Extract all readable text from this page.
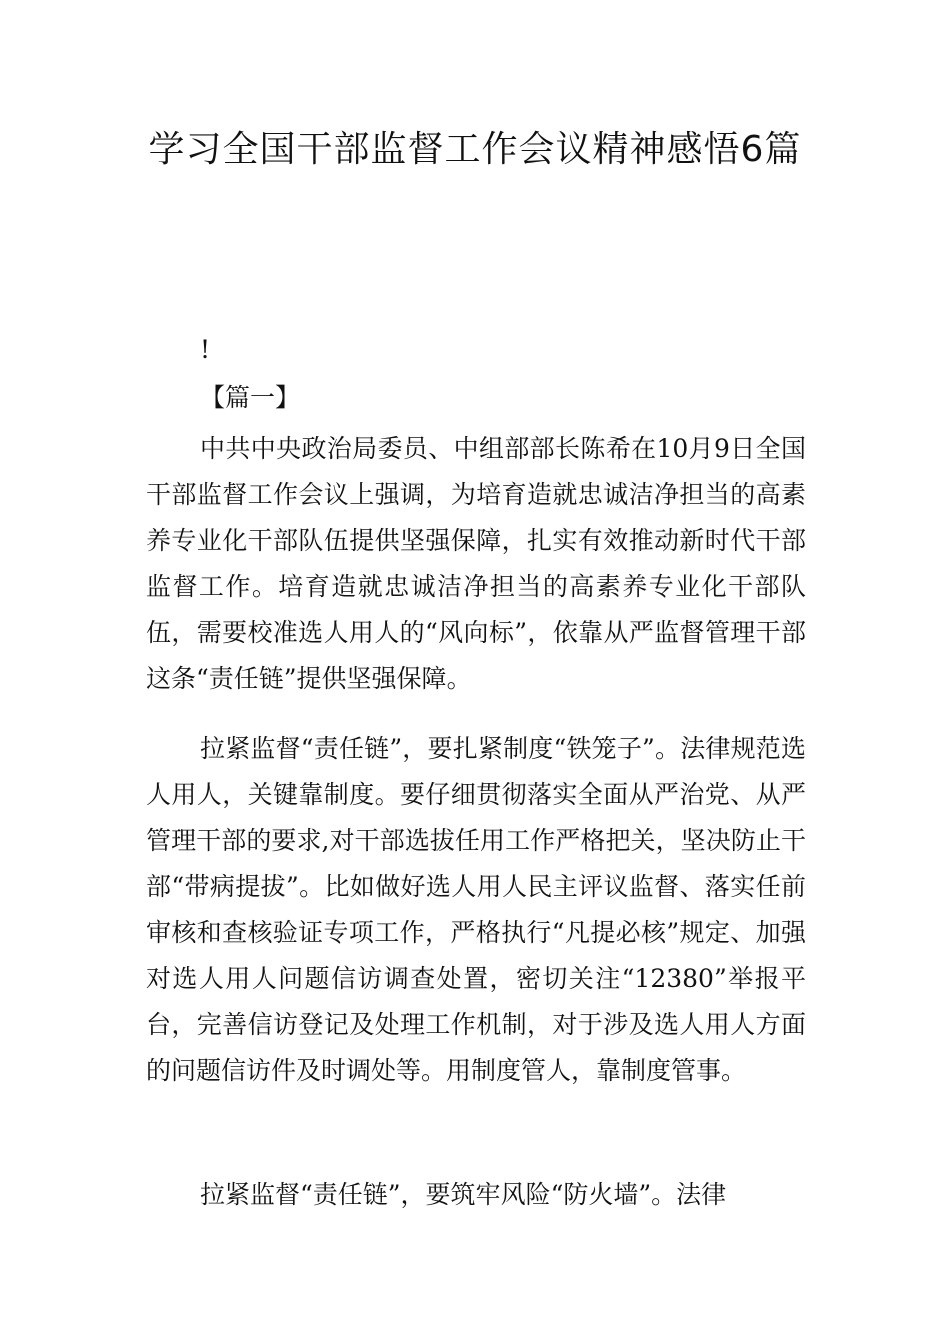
学习全国干部监督工作会议精神感悟6篇
!
【篇一】

中共中央政治局委员、中组部部长陈希在10月9日全国干部监督工作会议上强调，为培育造就忠诚洁净担当的高素养专业化干部队伍提供坚强保障，扎实有效推动新时代干部监督工作。培育造就忠诚洁净担当的高素养专业化干部队伍，需要校准选人用人的“风向标”，依靠从严监督管理干部这条“责任链”提供坚强保障。

拉紧监督“责任链”，要扎紧制度“铁笼子”。法律规范选人用人，关键靠制度。要仔细贯彻落实全面从严治党、从严管理干部的要求,对干部选拔任用工作严格把关，坚决防止干部“带病提拔”。比如做好选人用人民主评议监督、落实任前审核和查核验证专项工作，严格执行“凡提必核”规定、加强对选人用人问题信访调查处置，密切关注“12380”举报平台，完善信访登记及处理工作机制，对于涉及选人用人方面的问题信访件及时调处等。用制度管人，靠制度管事。

拉紧监督“责任链”，要筑牢风险“防火墙”。法律
